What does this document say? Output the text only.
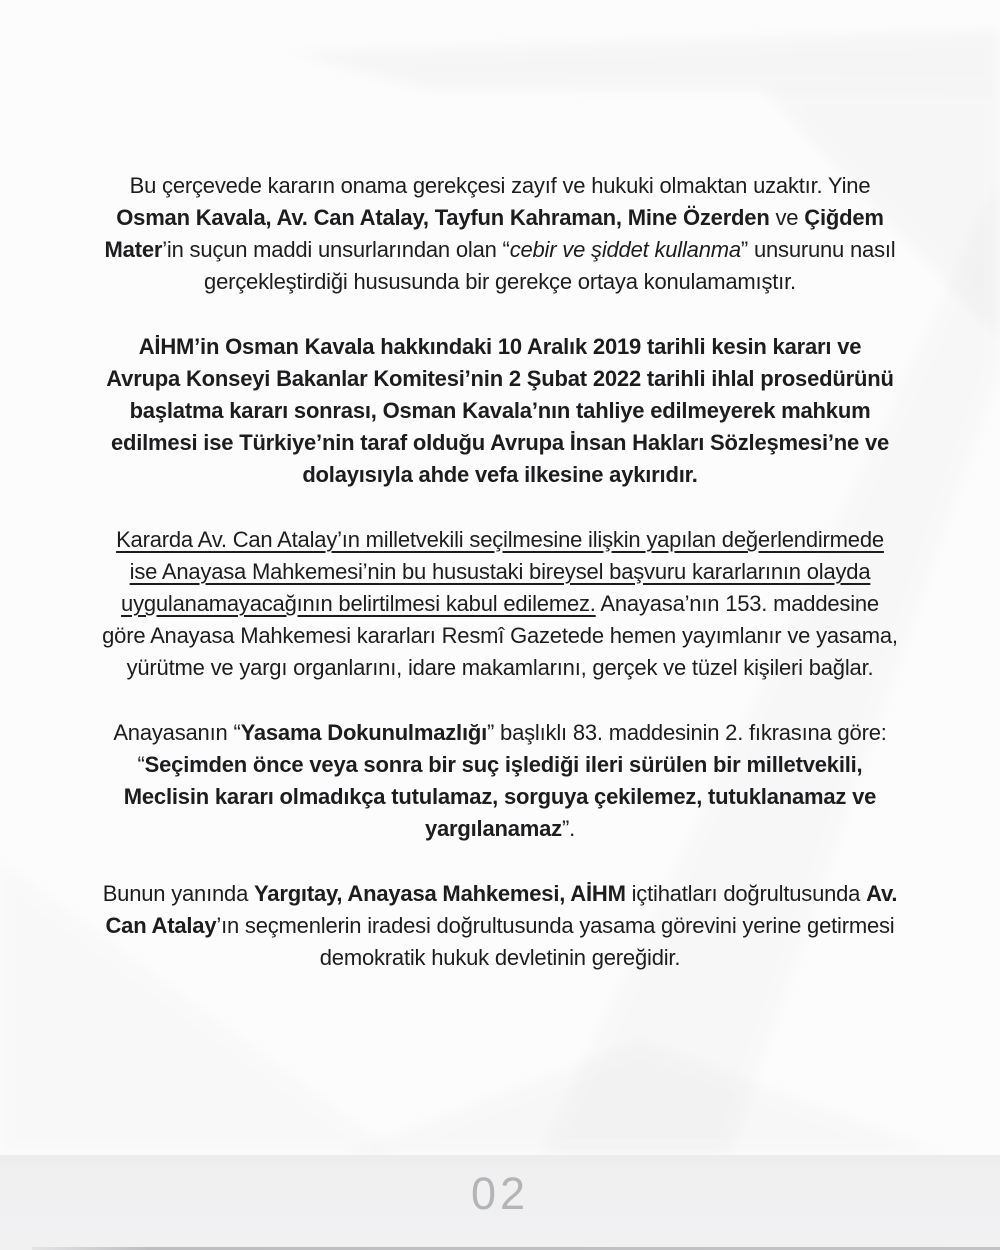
Bu çerçevede kararın onama gerekçesi zayıf ve hukuki olmaktan uzaktır. Yine Osman Kavala, Av. Can Atalay, Tayfun Kahraman, Mine Özerden ve Çiğdem Mater’in suçun maddi unsurlarından olan “cebir ve şiddet kullanma” unsurunu nasıl gerçekleştirdiği hususunda bir gerekçe ortaya konulamamıştır.

AİHM’in Osman Kavala hakkındaki 10 Aralık 2019 tarihli kesin kararı ve Avrupa Konseyi Bakanlar Komitesi’nin 2 Şubat 2022 tarihli ihlal prosedürünü başlatma kararı sonrası, Osman Kavala’nın tahliye edilmeyerek mahkum edilmesi ise Türkiye’nin taraf olduğu Avrupa İnsan Hakları Sözleşmesi’ne ve dolayısıyla ahde vefa ilkesine aykırıdır.

Kararda Av. Can Atalay’ın milletvekili seçilmesine ilişkin yapılan değerlendirmede ise Anayasa Mahkemesi’nin bu husustaki bireysel başvuru kararlarının olayda uygulanamayacağının belirtilmesi kabul edilemez. Anayasa’nın 153. maddesine göre Anayasa Mahkemesi kararları Resmî Gazetede hemen yayımlanır ve yasama, yürütme ve yargı organlarını, idare makamlarını, gerçek ve tüzel kişileri bağlar.

Anayasanın “Yasama Dokunulmazlığı” başlıklı 83. maddesinin 2. fıkrasına göre: “Seçimden önce veya sonra bir suç işlediği ileri sürülen bir milletvekili, Meclisin kararı olmadıkça tutulamaz, sorguya çekilemez, tutuklanamaz ve yargılanamaz”.

Bunun yanında Yargıtay, Anayasa Mahkemesi, AİHM içtihatları doğrultusunda Av. Can Atalay’ın seçmenlerin iradesi doğrultusunda yasama görevini yerine getirmesi demokratik hukuk devletinin gereğidir.

02
